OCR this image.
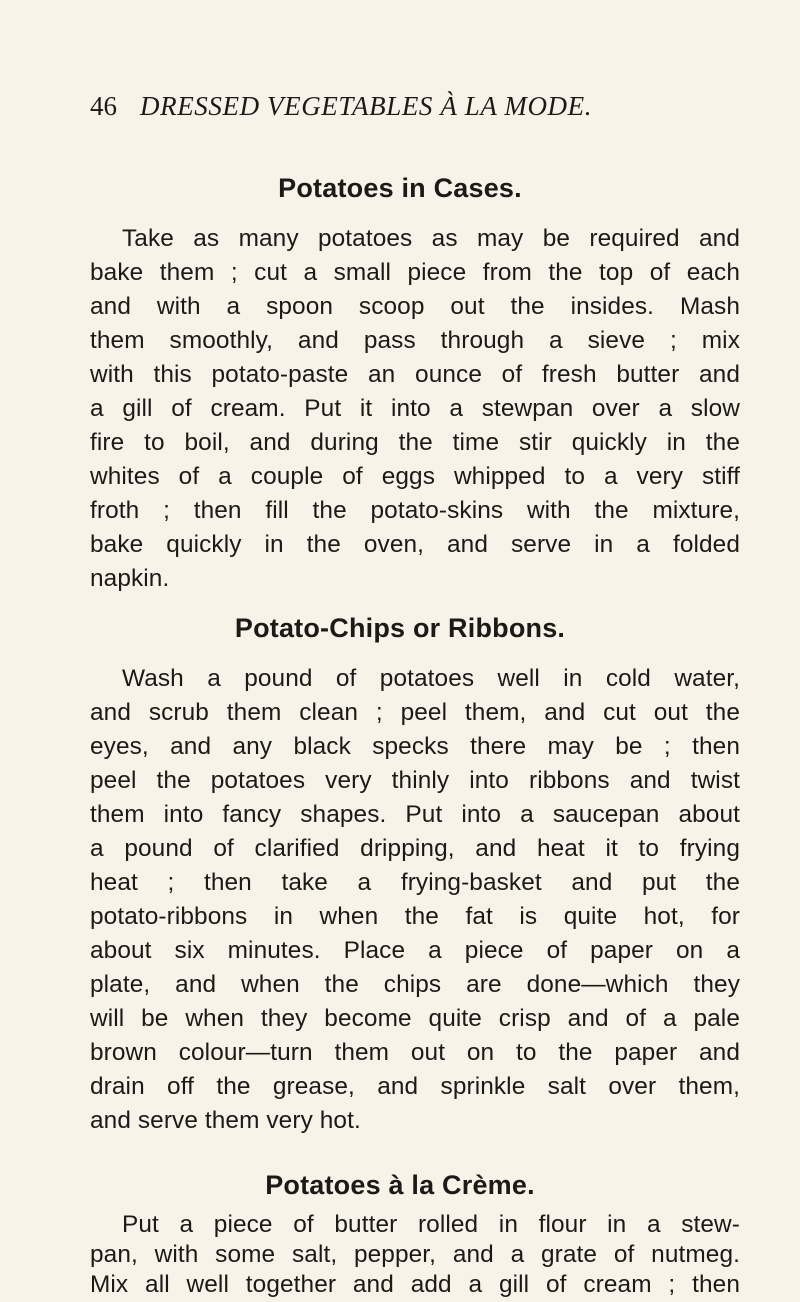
46 DRESSED VEGETABLES À LA MODE.
Potatoes in Cases.
Take as many potatoes as may be required and
bake them ; cut a small piece from the top of each
and with a spoon scoop out the insides. Mash
them smoothly, and pass through a sieve ; mix
with this potato-paste an ounce of fresh butter and
a gill of cream. Put it into a stewpan over a slow
fire to boil, and during the time stir quickly in the
whites of a couple of eggs whipped to a very stiff
froth ; then fill the potato-skins with the mixture,
bake quickly in the oven, and serve in a folded
napkin.
Potato-Chips or Ribbons.
Wash a pound of potatoes well in cold water,
and scrub them clean ; peel them, and cut out the
eyes, and any black specks there may be ; then
peel the potatoes very thinly into ribbons and twist
them into fancy shapes. Put into a saucepan about
a pound of clarified dripping, and heat it to frying
heat ; then take a frying-basket and put the
potato-ribbons in when the fat is quite hot, for
about six minutes. Place a piece of paper on a
plate, and when the chips are done—which they
will be when they become quite crisp and of a pale
brown colour—turn them out on to the paper and
drain off the grease, and sprinkle salt over them,
and serve them very hot.
Potatoes à la Crème.
Put a piece of butter rolled in flour in a stew-
pan, with some salt, pepper, and a grate of nutmeg.
Mix all well together and add a gill of cream ; then
